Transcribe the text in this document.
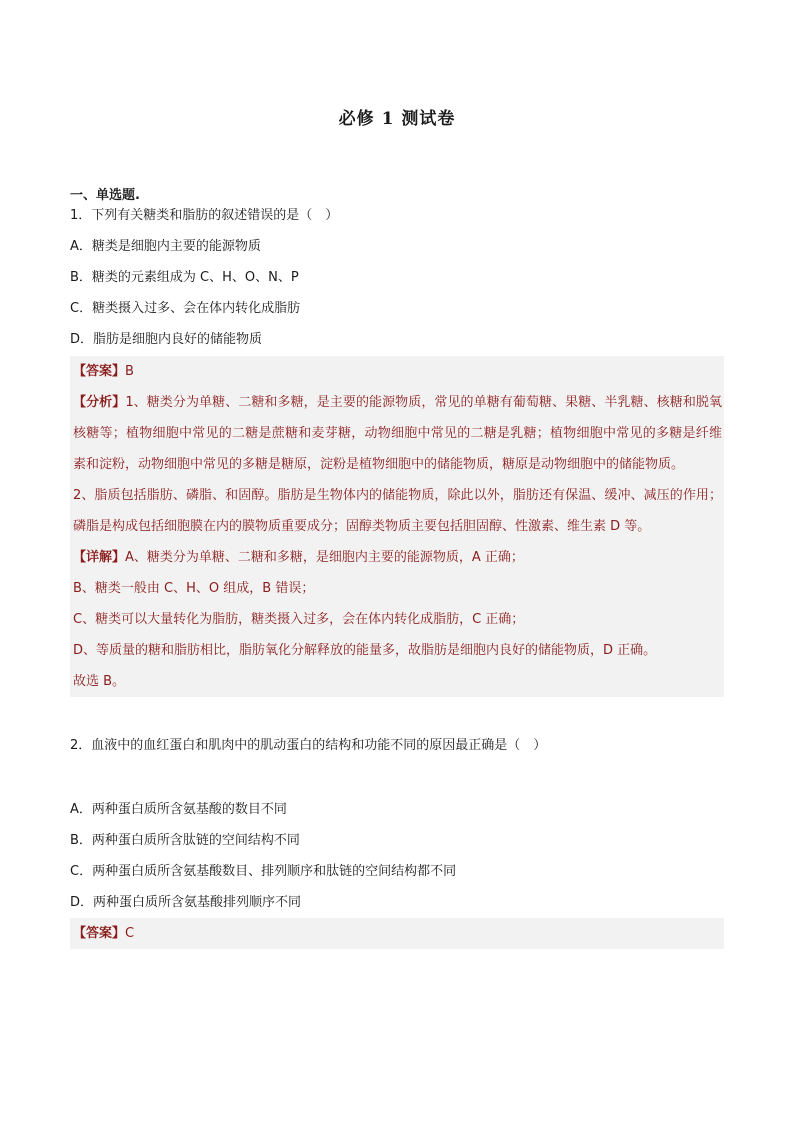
必修 1 测试卷
一、单选题.
1．下列有关糖类和脂肪的叙述错误的是（　）
A．糖类是细胞内主要的能源物质
B．糖类的元素组成为 C、H、O、N、P
C．糖类摄入过多、会在体内转化成脂肪
D．脂肪是细胞内良好的储能物质
【答案】B
【分析】1、糖类分为单糖、二糖和多糖，是主要的能源物质，常见的单糖有葡萄糖、果糖、半乳糖、核糖和脱氧核糖等；植物细胞中常见的二糖是蔗糖和麦芽糖，动物细胞中常见的二糖是乳糖；植物细胞中常见的多糖是纤维素和淀粉，动物细胞中常见的多糖是糖原，淀粉是植物细胞中的储能物质，糖原是动物细胞中的储能物质。
2、脂质包括脂肪、磷脂、和固醇。脂肪是生物体内的储能物质，除此以外，脂肪还有保温、缓冲、减压的作用；磷脂是构成包括细胞膜在内的膜物质重要成分；固醇类物质主要包括胆固醇、性激素、维生素 D 等。
【详解】A、糖类分为单糖、二糖和多糖，是细胞内主要的能源物质，A 正确；
B、糖类一般由 C、H、O 组成，B 错误；
C、糖类可以大量转化为脂肪，糖类摄入过多，会在体内转化成脂肪，C 正确；
D、等质量的糖和脂肪相比，脂肪氧化分解释放的能量多，故脂肪是细胞内良好的储能物质，D 正确。
故选 B。
2．血液中的血红蛋白和肌肉中的肌动蛋白的结构和功能不同的原因最正确是（　）
A．两种蛋白质所含氨基酸的数目不同
B．两种蛋白质所含肽链的空间结构不同
C．两种蛋白质所含氨基酸数目、排列顺序和肽链的空间结构都不同
D．两种蛋白质所含氨基酸排列顺序不同
【答案】C
